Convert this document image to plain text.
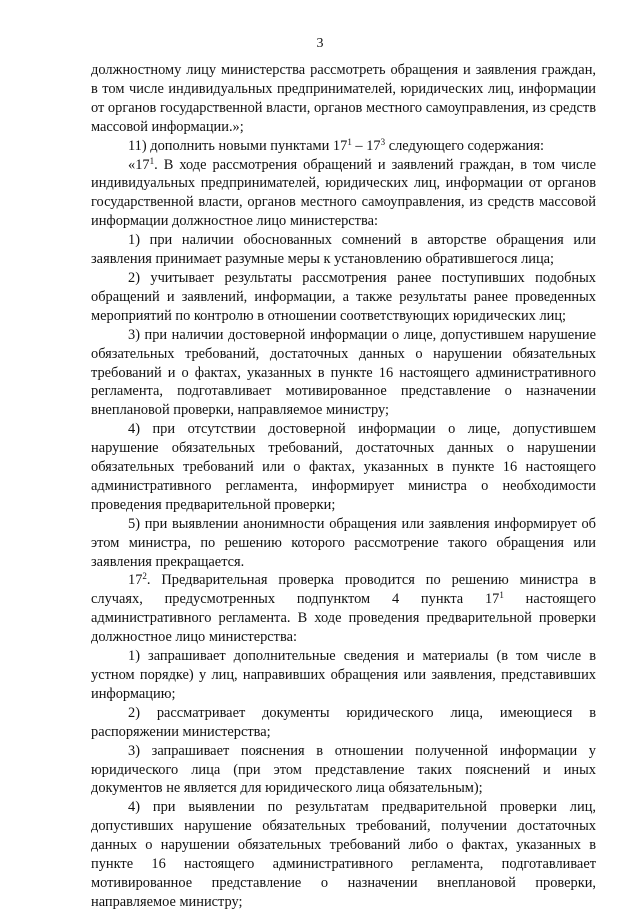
3

должностному лицу министерства рассмотреть обращения и заявления граждан, в том числе индивидуальных предпринимателей, юридических лиц, информации от органов государственной власти, органов местного самоуправления, из средств массовой информации.»;

11) дополнить новыми пунктами $17^1 - 17^3$ следующего содержания:

«$17^1$. В ходе рассмотрения обращений и заявлений граждан, в том числе индивидуальных предпринимателей, юридических лиц, информации от органов государственной власти, органов местного самоуправления, из средств массовой информации должностное лицо министерства:

1) при наличии обоснованных сомнений в авторстве обращения или заявления принимает разумные меры к установлению обратившегося лица;

2) учитывает результаты рассмотрения ранее поступивших подобных обращений и заявлений, информации, а также результаты ранее проведенных мероприятий по контролю в отношении соответствующих юридических лиц;

3) при наличии достоверной информации о лице, допустившем нарушение обязательных требований, достаточных данных о нарушении обязательных требований и о фактах, указанных в пункте 16 настоящего административного регламента, подготавливает мотивированное представление о назначении внеплановой проверки, направляемое министру;

4) при отсутствии достоверной информации о лице, допустившем нарушение обязательных требований, достаточных данных о нарушении обязательных требований или о фактах, указанных в пункте 16 настоящего административного регламента, информирует министра о необходимости проведения предварительной проверки;

5) при выявлении анонимности обращения или заявления информирует об этом министра, по решению которого рассмотрение такого обращения или заявления прекращается.

$17^2$. Предварительная проверка проводится по решению министра в случаях, предусмотренных подпунктом 4 пункта $17^1$ настоящего административного регламента. В ходе проведения предварительной проверки должностное лицо министерства:

1) запрашивает дополнительные сведения и материалы (в том числе в устном порядке) у лиц, направивших обращения или заявления, представивших информацию;

2) рассматривает документы юридического лица, имеющиеся в распоряжении министерства;

3) запрашивает пояснения в отношении полученной информации у юридического лица (при этом представление таких пояснений и иных документов не является для юридического лица обязательным);

4) при выявлении по результатам предварительной проверки лиц, допустивших нарушение обязательных требований, получении достаточных данных о нарушении обязательных требований либо о фактах, указанных в пункте 16 настоящего административного регламента, подготавливает мотивированное представление о назначении внеплановой проверки, направляемое министру;
